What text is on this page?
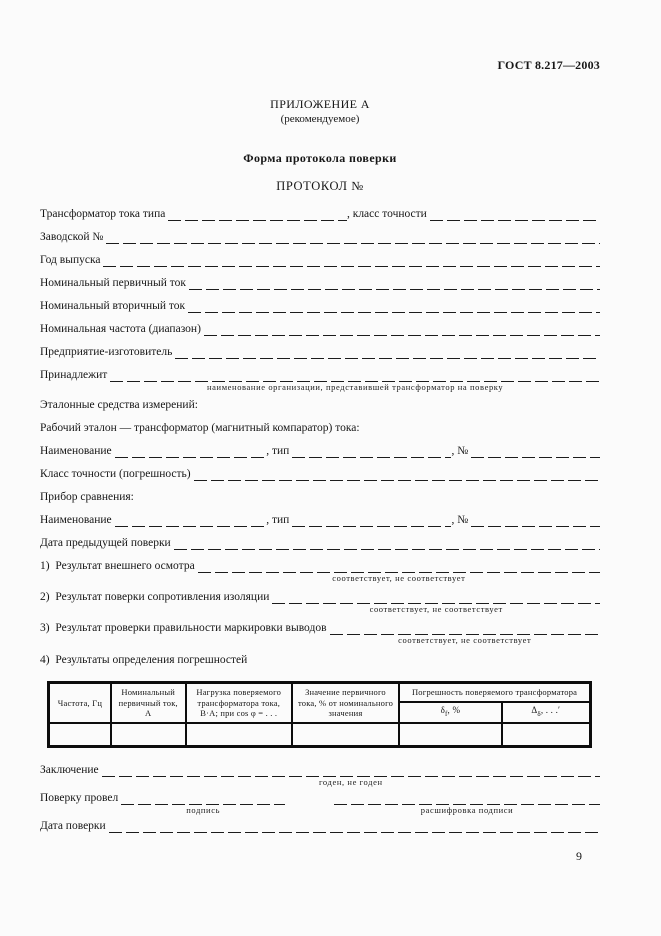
ГОСТ 8.217—2003
ПРИЛОЖЕНИЕ А
(рекомендуемое)
Форма протокола поверки
ПРОТОКОЛ №
Трансформатор тока типа	, класс точности
Заводской №
Год выпуска
Номинальный первичный ток
Номинальный вторичный ток
Номинальная частота (диапазон)
Предприятие-изготовитель
Принадлежит
наименование организации, представившей трансформатор на поверку
Эталонные средства измерений:
Рабочий эталон — трансформатор (магнитный компаратор) тока:
Наименование	, тип	, №
Класс точности (погрешность)
Прибор сравнения:
Наименование	, тип	, №
Дата предыдущей поверки
1)  Результат внешнего осмотра
соответствует, не соответствует
2)  Результат поверки сопротивления изоляции
соответствует, не соответствует
3)  Результат проверки правильности маркировки выводов
соответствует, не соответствует
4)  Результаты определения погрешностей
Частота, Гц	Номинальный первичный ток, А	Нагрузка поверяемого трансформатора тока, В·А; при cos φ = . . .	Значение первичного тока, % от номинального значения	Погрешность поверяемого трансформатора	
				$\delta_f$, %	$\Delta_\delta$, . . .′

Заключение
годен, не годен
Поверку провел
подпись	расшифровка подписи
Дата поверки
9
